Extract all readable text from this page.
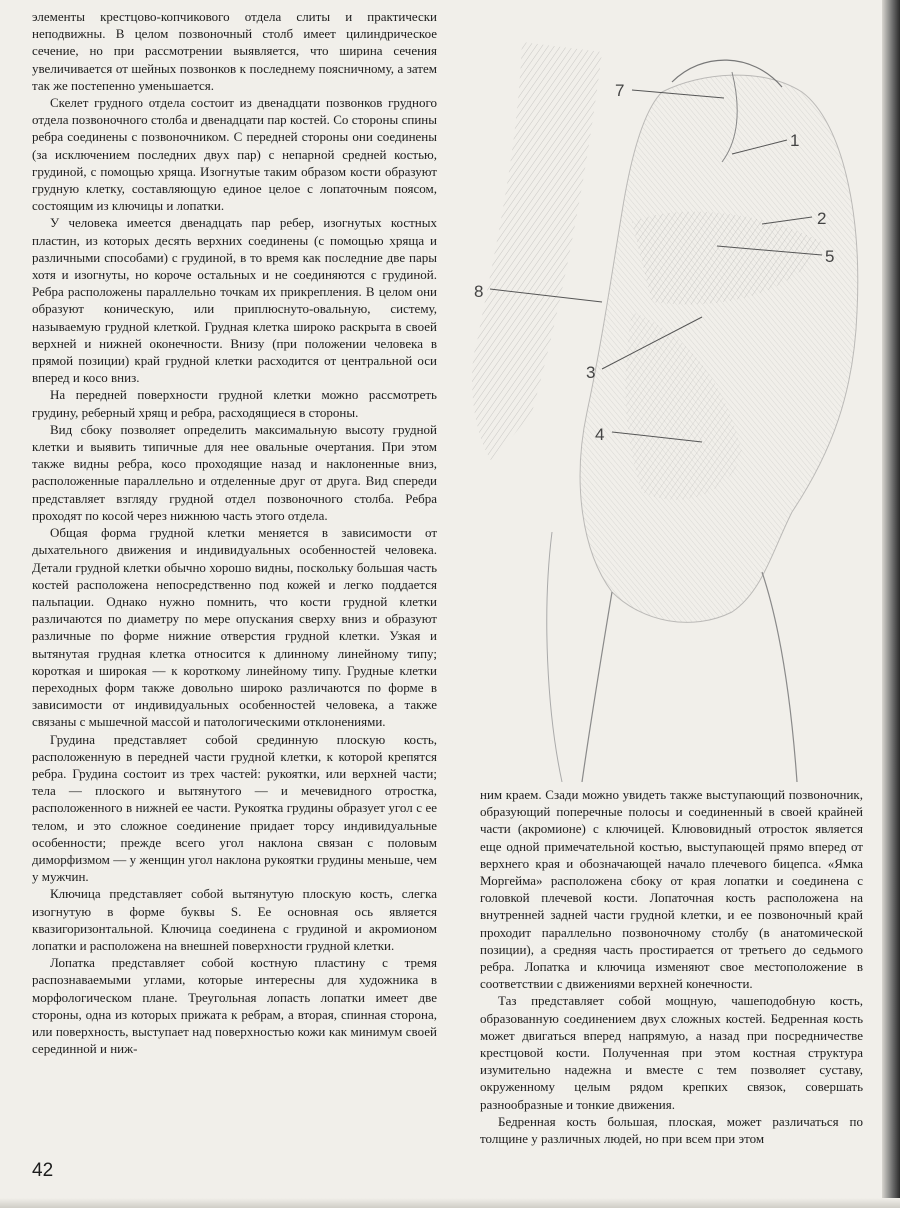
элементы крестцово-копчикового отдела слиты и практически неподвижны. В целом позвоночный столб имеет цилиндрическое сечение, но при рассмотрении выявляется, что ширина сечения увеличивается от шейных позвонков к последнему поясничному, а затем так же постепенно уменьшается.

Скелет грудного отдела состоит из двенадцати позвонков грудного отдела позвоночного столба и двенадцати пар костей. Со стороны спины ребра соединены с позвоночником. С передней стороны они соединены (за исключением последних двух пар) с непарной средней костью, грудиной, с помощью хряща. Изогнутые таким образом кости образуют грудную клетку, составляющую единое целое с лопаточным поясом, состоящим из ключицы и лопатки.

У человека имеется двенадцать пар ребер, изогнутых костных пластин, из которых десять верхних соединены (с помощью хряща и различными способами) с грудиной, в то время как последние две пары хотя и изогнуты, но короче остальных и не соединяются с грудиной. Ребра расположены параллельно точкам их прикрепления. В целом они образуют коническую, или приплюснуто-овальную, систему, называемую грудной клеткой. Грудная клетка широко раскрыта в своей верхней и нижней оконечности. Внизу (при положении человека в прямой позиции) край грудной клетки расходится от центральной оси вперед и косо вниз.

На передней поверхности грудной клетки можно рассмотреть грудину, реберный хрящ и ребра, расходящиеся в стороны.

Вид сбоку позволяет определить максимальную высоту грудной клетки и выявить типичные для нее овальные очертания. При этом также видны ребра, косо проходящие назад и наклоненные вниз, расположенные параллельно и отделенные друг от друга. Вид спереди представляет взгляду грудной отдел позвоночного столба. Ребра проходят по косой через нижнюю часть этого отдела.

Общая форма грудной клетки меняется в зависимости от дыхательного движения и индивидуальных особенностей человека. Детали грудной клетки обычно хорошо видны, поскольку большая часть костей расположена непосредственно под кожей и легко поддается пальпации. Однако нужно помнить, что кости грудной клетки различаются по диаметру по мере опускания сверху вниз и образуют различные по форме нижние отверстия грудной клетки. Узкая и вытянутая грудная клетка относится к длинному линейному типу; короткая и широкая — к короткому линейному типу. Грудные клетки переходных форм также довольно широко различаются по форме в зависимости от индивидуальных особенностей человека, а также связаны с мышечной массой и патологическими отклонениями.

Грудина представляет собой срединную плоскую кость, расположенную в передней части грудной клетки, к которой крепятся ребра. Грудина состоит из трех частей: рукоятки, или верхней части; тела — плоского и вытянутого — и мечевидного отростка, расположенного в нижней ее части. Рукоятка грудины образует угол с ее телом, и это сложное соединение придает торсу индивидуальные особенности; прежде всего угол наклона связан с половым диморфизмом — у женщин угол наклона рукоятки грудины меньше, чем у мужчин.

Ключица представляет собой вытянутую плоскую кость, слегка изогнутую в форме буквы S. Ее основная ось является квазигоризонтальной. Ключица соединена с грудиной и акромионом лопатки и расположена на внешней поверхности грудной клетки.

Лопатка представляет собой костную пластину с тремя распознаваемыми углами, которые интересны для художника в морфологическом плане. Треугольная лопасть лопатки имеет две стороны, одна из которых прижата к ребрам, а вторая, спинная сторона, или поверхность, выступает над поверхностью кожи как минимум своей серединной и ниж-

7
1
2
5
8
3
4

ним краем. Сзади можно увидеть также выступающий позвоночник, образующий поперечные полосы и соединенный в своей крайней части (акромионе) с ключицей. Клювовидный отросток является еще одной примечательной костью, выступающей прямо вперед от верхнего края и обозначающей начало плечевого бицепса. «Ямка Моргейма» расположена сбоку от края лопатки и соединена с головкой плечевой кости. Лопаточная кость расположена на внутренней задней части грудной клетки, и ее позвоночный край проходит параллельно позвоночному столбу (в анатомической позиции), а средняя часть простирается от третьего до седьмого ребра. Лопатка и ключица изменяют свое местоположение в соответствии с движениями верхней конечности.

Таз представляет собой мощную, чашеподобную кость, образованную соединением двух сложных костей. Бедренная кость может двигаться вперед напрямую, а назад при посредничестве крестцовой кости. Полученная при этом костная структура изумительно надежна и вместе с тем позволяет суставу, окруженному целым рядом крепких связок, совершать разнообразные и тонкие движения.

Бедренная кость большая, плоская, может различаться по толщине у различных людей, но при всем при этом

42
